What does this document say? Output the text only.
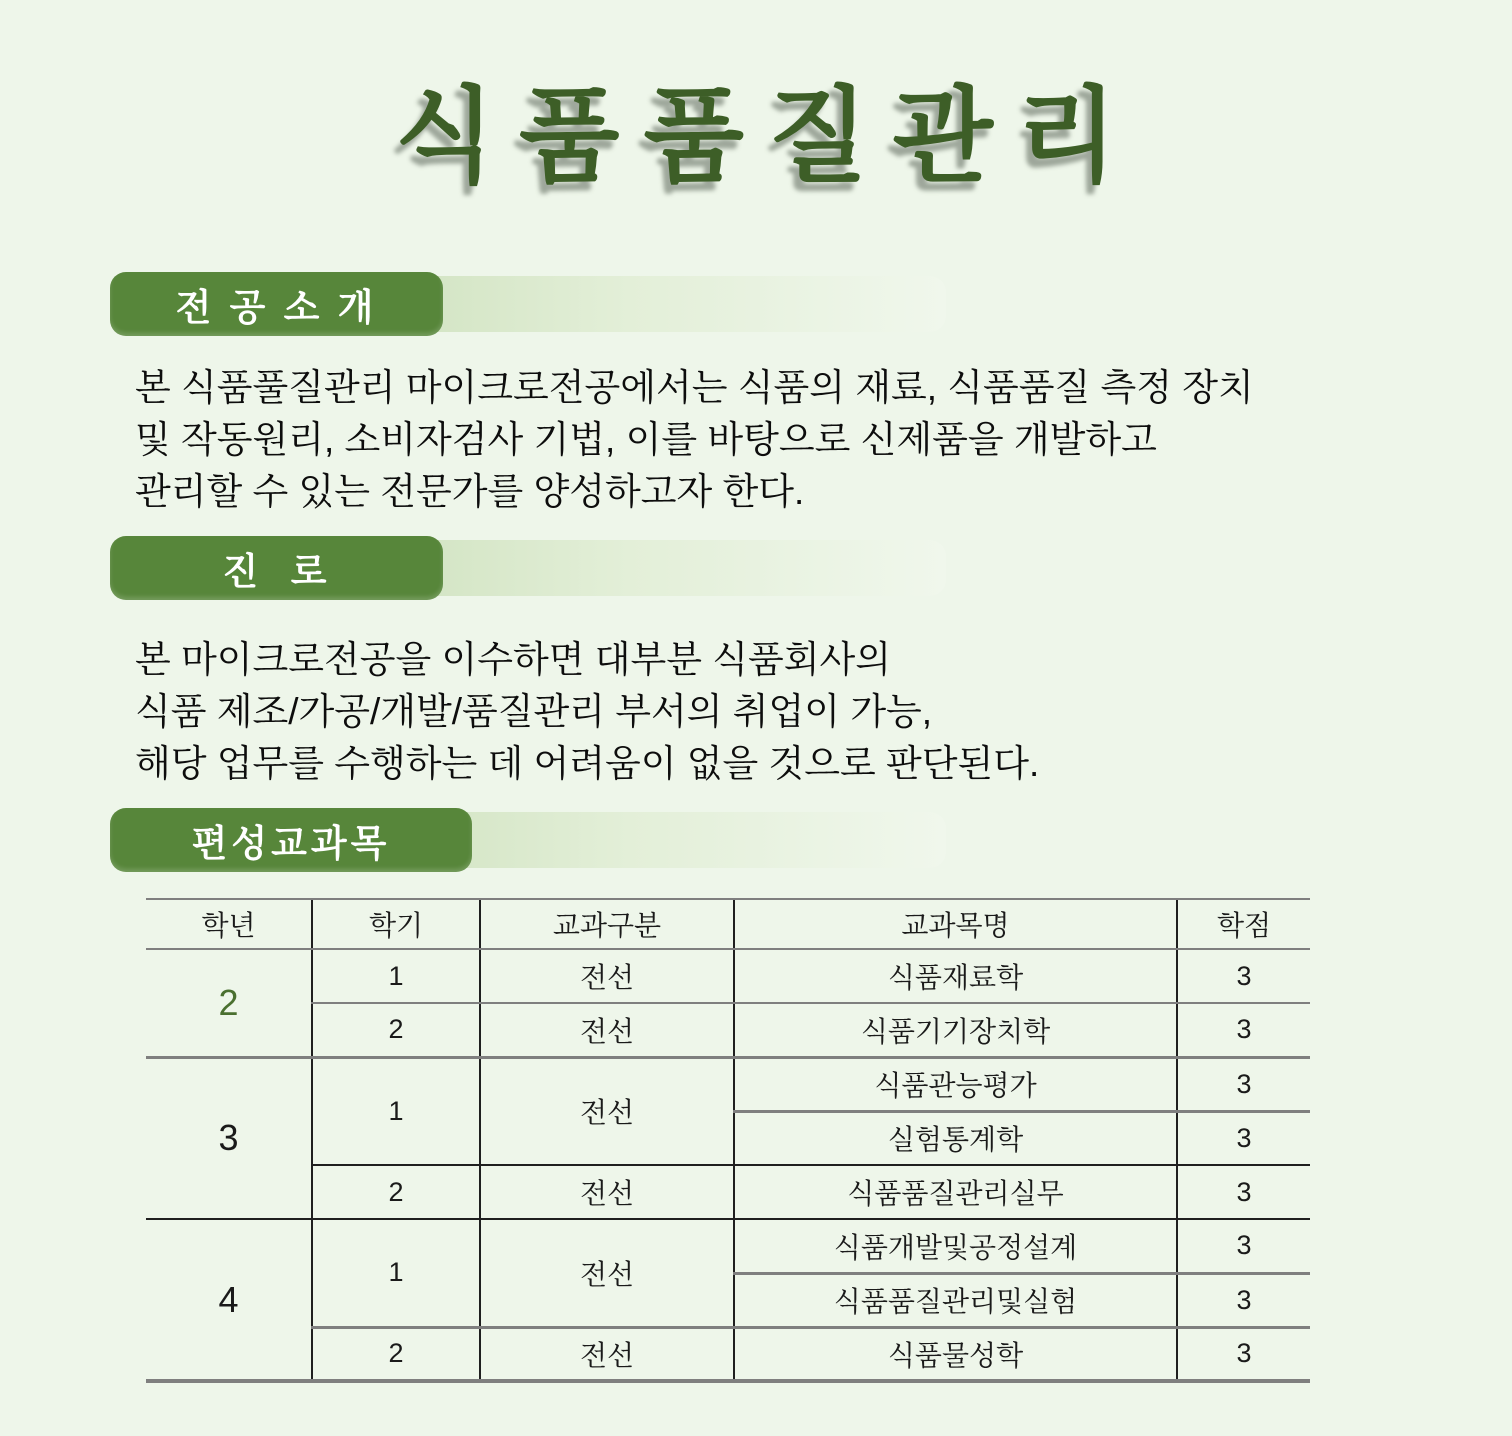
식품품질관리
전 공 소 개
본 식품풀질관리 마이크로전공에서는 식품의 재료, 식품품질 측정 장치
및 작동원리, 소비자검사 기법, 이를 바탕으로 신제품을 개발하고
관리할 수 있는 전문가를 양성하고자 한다.
진  로
본 마이크로전공을 이수하면 대부분 식품회사의
식품 제조/가공/개발/품질관리 부서의 취업이 가능,
해당 업무를 수행하는 데 어려움이 없을 것으로 판단된다.
편성교과목
학년	학기	교과구분	교과목명	학점
2	1	전선	식품재료학	3
	2	전선	식품기기장치학	3
3	1	전선	식품관능평가	3
			실험통계학	3
	2	전선	식품품질관리실무	3
4	1	전선	식품개발및공정설계	3
			식품품질관리및실험	3
	2	전선	식품물성학	3
